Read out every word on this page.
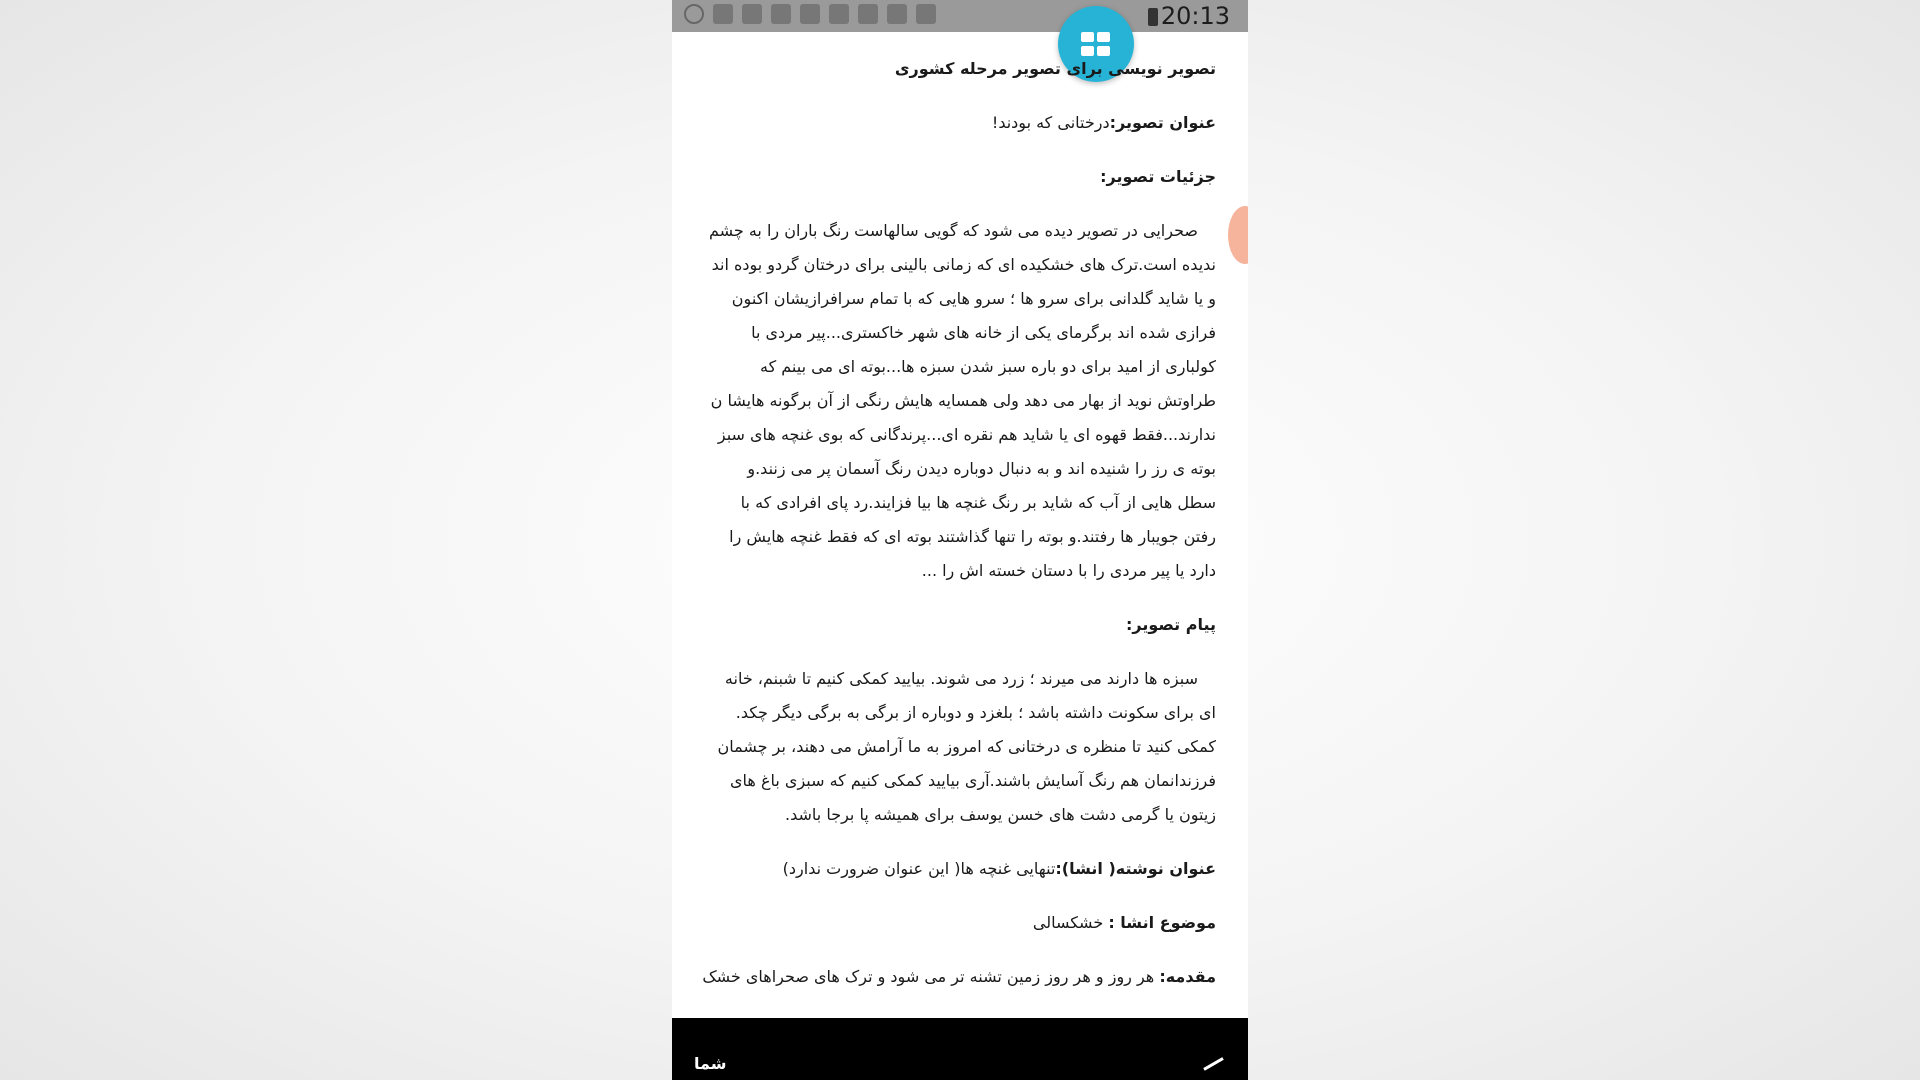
20:13
تصویر نویسی برای تصویر مرحله کشوری
عنوان تصویر:درختانی که بودند!
جزئیات تصویر:
صحرایی در تصویر دیده می شود که گویی سالهاست رنگ باران را به چشم
ندیده است.ترک های خشکیده ای که زمانی بالینی برای درختان گردو بوده اند
و یا شاید گلدانی برای سرو ها ؛ سرو هایی که با تمام سرافرازیشان اکنون
فرازی شده اند برگرمای یکی از خانه های شهر خاکستری...پیر مردی با
کولباری از امید برای دو باره سبز شدن سبزه ها...بوته ای می بینم که
طراوتش نوید از بهار می دهد ولی همسایه هایش رنگی از آن برگونه هایشا ن
ندارند...فقط قهوه ای یا شاید هم نقره ای...پرندگانی که بوی غنچه های سبز
بوته ی رز را شنیده اند و به دنبال دوباره دیدن رنگ آسمان پر می زنند.و
سطل هایی از آب که شاید بر رنگ غنچه ها بیا فزایند.رد پای افرادی که با
رفتن جویبار ها رفتند.و بوته را تنها گذاشتند بوته ای که فقط غنچه هایش را
دارد یا پیر مردی را با دستان خسته اش را ...
پیام تصویر:
سبزه ها دارند می میرند ؛ زرد می شوند. بیایید کمکی کنیم تا شبنم، خانه
ای برای سکونت داشته باشد ؛ بلغزد و دوباره از برگی به برگی دیگر چکد.
کمکی کنید تا منظره ی درختانی که امروز به ما آرامش می دهند، بر چشمان
فرزندانمان هم رنگ آسایش باشند.آری بیایید کمکی کنیم که سبزی باغ های
زیتون یا گرمی دشت های خسن یوسف برای همیشه پا برجا باشد.
عنوان نوشته( انشا):تنهایی غنچه ها( این عنوان ضرورت ندارد)
موضوع انشا : خشکسالی
مقدمه: هر روز و هر روز زمین تشنه تر می شود و ترک های صحراهای خشک
شما
